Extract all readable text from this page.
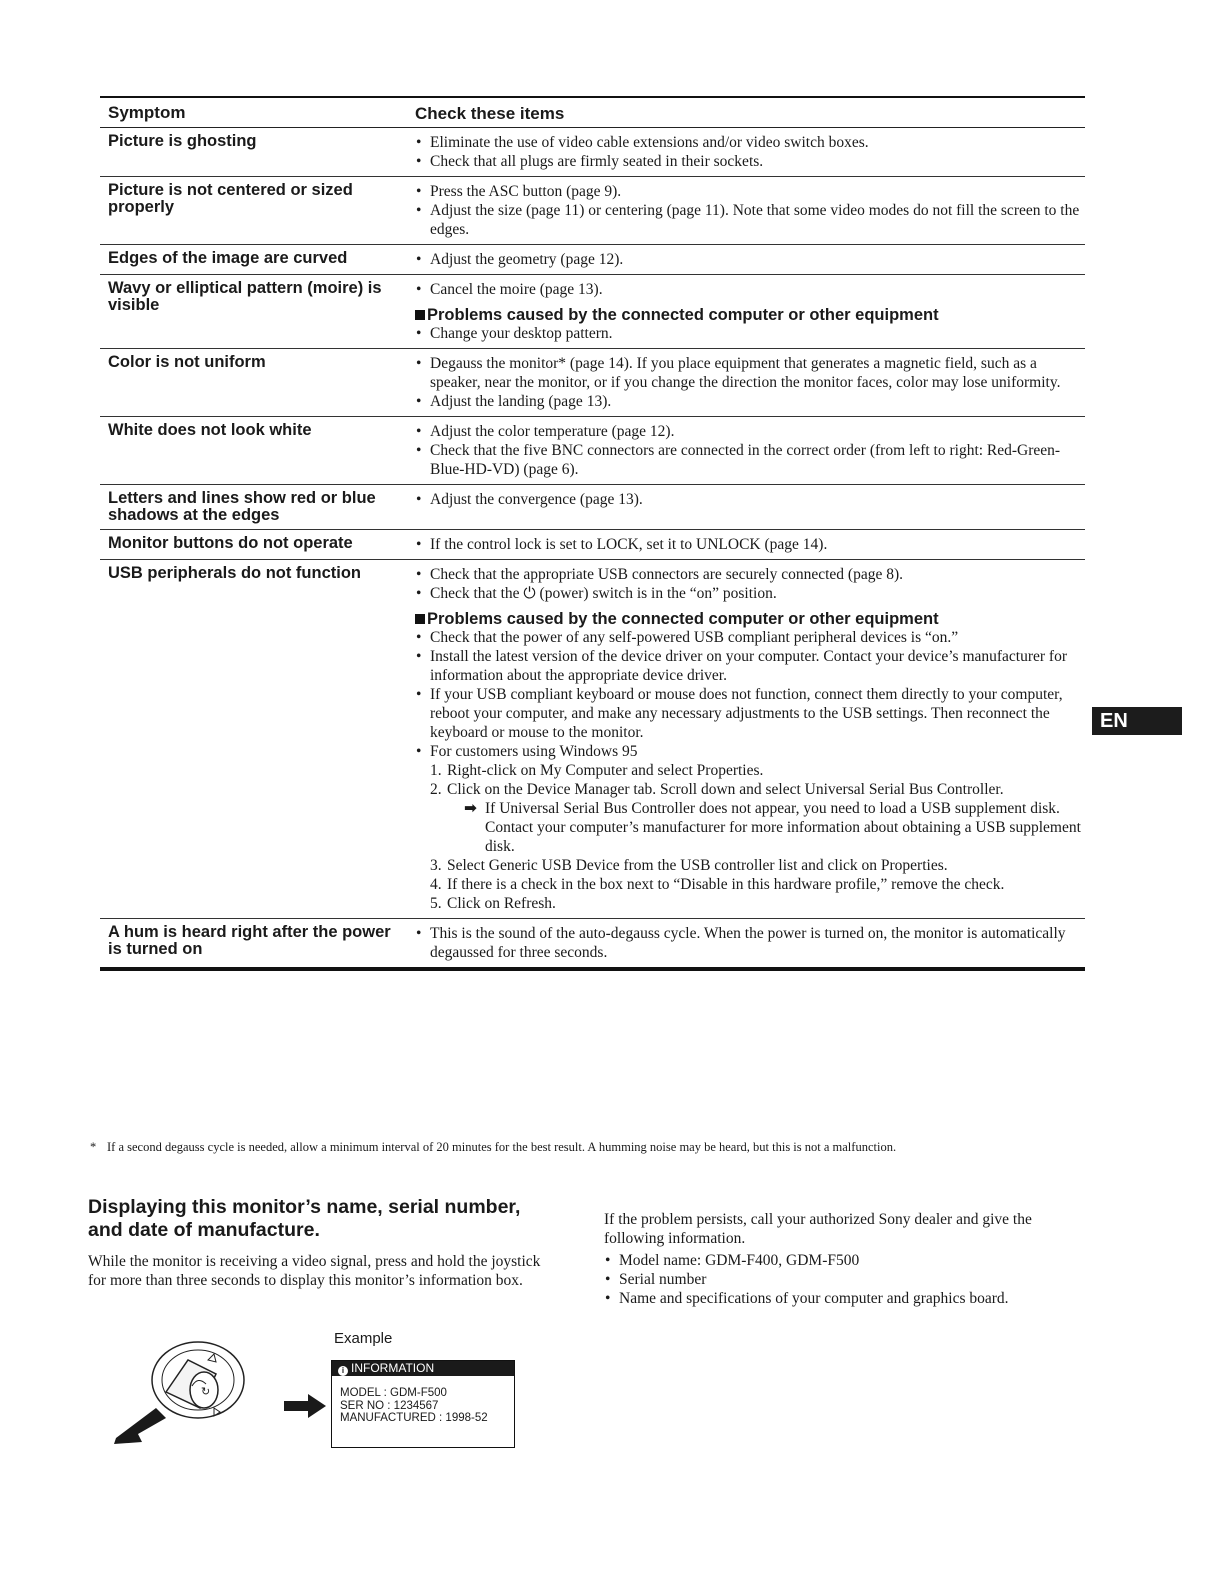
Symptom	Check these items
Picture is ghosting	• Eliminate the use of video cable extensions and/or video switch boxes.
• Check that all plugs are firmly seated in their sockets.
Picture is not centered or sized properly
• Press the ASC button (page 9).
• Adjust the size (page 11) or centering (page 11). Note that some video modes do not fill the screen to the edges.
Edges of the image are curved	• Adjust the geometry (page 12).
Wavy or elliptical pattern (moire) is visible
• Cancel the moire (page 13).
Problems caused by the connected computer or other equipment
• Change your desktop pattern.
Color is not uniform	• Degauss the monitor* (page 14). If you place equipment that generates a magnetic field, such as a speaker, near the monitor, or if you change the direction the monitor faces, color may lose uniformity.
• Adjust the landing (page 13).
White does not look white	• Adjust the color temperature (page 12).
• Check that the five BNC connectors are connected in the correct order (from left to right: Red-Green-Blue-HD-VD) (page 6).
Letters and lines show red or blue shadows at the edges
• Adjust the convergence (page 13).
Monitor buttons do not operate	• If the control lock is set to LOCK, set it to UNLOCK (page 14).
USB peripherals do not function	• Check that the appropriate USB connectors are securely connected (page 8).
• Check that the ⏻ (power) switch is in the “on” position.
Problems caused by the connected computer or other equipment
• Check that the power of any self-powered USB compliant peripheral devices is “on.”
• Install the latest version of the device driver on your computer. Contact your device’s manufacturer for information about the appropriate device driver.
• If your USB compliant keyboard or mouse does not function, connect them directly to your computer, reboot your computer, and make any necessary adjustments to the USB settings. Then reconnect the keyboard or mouse to the monitor.
• For customers using Windows 95
1. Right-click on My Computer and select Properties.
2. Click on the Device Manager tab. Scroll down and select Universal Serial Bus Controller.
➡ If Universal Serial Bus Controller does not appear, you need to load a USB supplement disk. Contact your computer’s manufacturer for more information about obtaining a USB supplement disk.
3. Select Generic USB Device from the USB controller list and click on Properties.
4. If there is a check in the box next to “Disable in this hardware profile,” remove the check.
5. Click on Refresh.
A hum is heard right after the power is turned on
• This is the sound of the auto-degauss cycle. When the power is turned on, the monitor is automatically degaussed for three seconds.
* If a second degauss cycle is needed, allow a minimum interval of 20 minutes for the best result. A humming noise may be heard, but this is not a malfunction.
Displaying this monitor’s name, serial number, and date of manufacture.
While the monitor is receiving a video signal, press and hold the joystick for more than three seconds to display this monitor’s information box.
↻
Example
i INFORMATION
MODEL : GDM-F500
SER NO : 1234567
MANUFACTURED : 1998-52
If the problem persists, call your authorized Sony dealer and give the following information.
• Model name: GDM-F400, GDM-F500
• Serial number
• Name and specifications of your computer and graphics board.
EN
